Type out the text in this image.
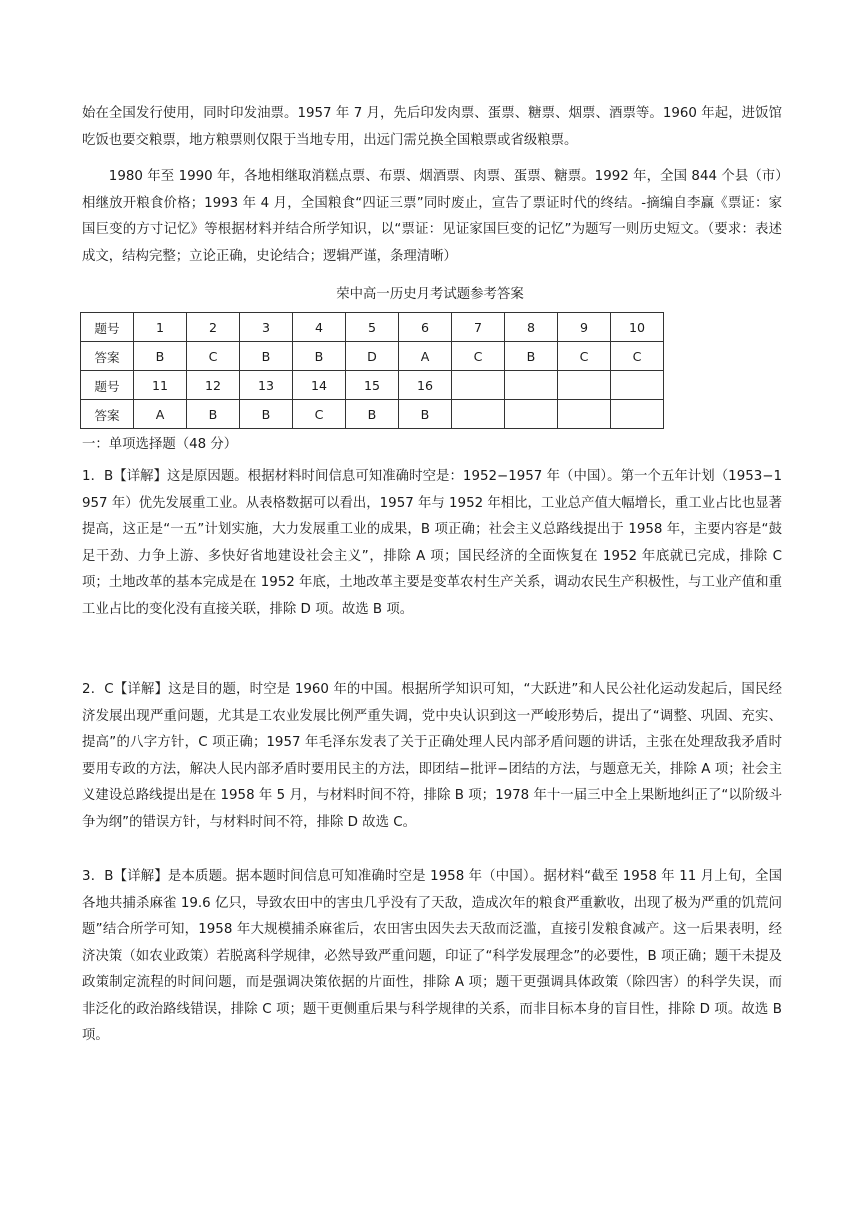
始在全国发行使用，同时印发油票。1957 年 7 月，先后印发肉票、蛋票、糖票、烟票、酒票等。1960 年起，进饭馆吃饭也要交粮票，地方粮票则仅限于当地专用，出远门需兑换全国粮票或省级粮票。

1980 年至 1990 年，各地相继取消糕点票、布票、烟酒票、肉票、蛋票、糖票。1992 年，全国 844 个县（市）相继放开粮食价格；1993 年 4 月，全国粮食“四证三票”同时废止，宣告了票证时代的终结。-摘编自李赢《票证：家国巨变的方寸记忆》等根据材料并结合所学知识，以“票证：见证家国巨变的记忆”为题写一则历史短文。（要求：表述成文，结构完整；立论正确，史论结合；逻辑严谨，条理清晰）

荣中高一历史月考试题参考答案

题号	1	2	3	4	5	6	7	8	9	10
答案	B	C	B	B	D	A	C	B	C	C
题号	11	12	13	14	15	16				
答案	A	B	B	C	B	B				

一：单项选择题（48 分）

1．B【详解】这是原因题。根据材料时间信息可知准确时空是：1952−1957 年（中国）。第一个五年计划（1953−1957 年）优先发展重工业。从表格数据可以看出，1957 年与 1952 年相比，工业总产值大幅增长，重工业占比也显著提高，这正是“一五”计划实施，大力发展重工业的成果，B 项正确；社会主义总路线提出于 1958 年，主要内容是“鼓足干劲、力争上游、多快好省地建设社会主义”，排除 A 项；国民经济的全面恢复在 1952 年底就已完成，排除 C 项；土地改革的基本完成是在 1952 年底，土地改革主要是变革农村生产关系，调动农民生产积极性，与工业产值和重工业占比的变化没有直接关联，排除 D 项。故选 B 项。

2．C【详解】这是目的题，时空是 1960 年的中国。根据所学知识可知，“大跃进”和人民公社化运动发起后，国民经济发展出现严重问题，尤其是工农业发展比例严重失调，党中央认识到这一严峻形势后，提出了“调整、巩固、充实、提高”的八字方针，C 项正确；1957 年毛泽东发表了关于正确处理人民内部矛盾问题的讲话，主张在处理敌我矛盾时要用专政的方法，解决人民内部矛盾时要用民主的方法，即团结−批评−团结的方法，与题意无关，排除 A 项；社会主义建设总路线提出是在 1958 年 5 月，与材料时间不符，排除 B 项；1978 年十一届三中全上果断地纠正了“以阶级斗争为纲”的错误方针，与材料时间不符，排除 D 故选 C。

3．B【详解】是本质题。据本题时间信息可知准确时空是 1958 年（中国）。据材料“截至 1958 年 11 月上旬，全国各地共捕杀麻雀 19.6 亿只，导致农田中的害虫几乎没有了天敌，造成次年的粮食严重歉收，出现了极为严重的饥荒问题”结合所学可知，1958 年大规模捕杀麻雀后，农田害虫因失去天敌而泛滥，直接引发粮食减产。这一后果表明，经济决策（如农业政策）若脱离科学规律，必然导致严重问题，印证了“科学发展理念”的必要性，B 项正确；题干未提及政策制定流程的时间问题，而是强调决策依据的片面性，排除 A 项；题干更强调具体政策（除四害）的科学失误，而非泛化的政治路线错误，排除 C 项；题干更侧重后果与科学规律的关系，而非目标本身的盲目性，排除 D 项。故选 B 项。
